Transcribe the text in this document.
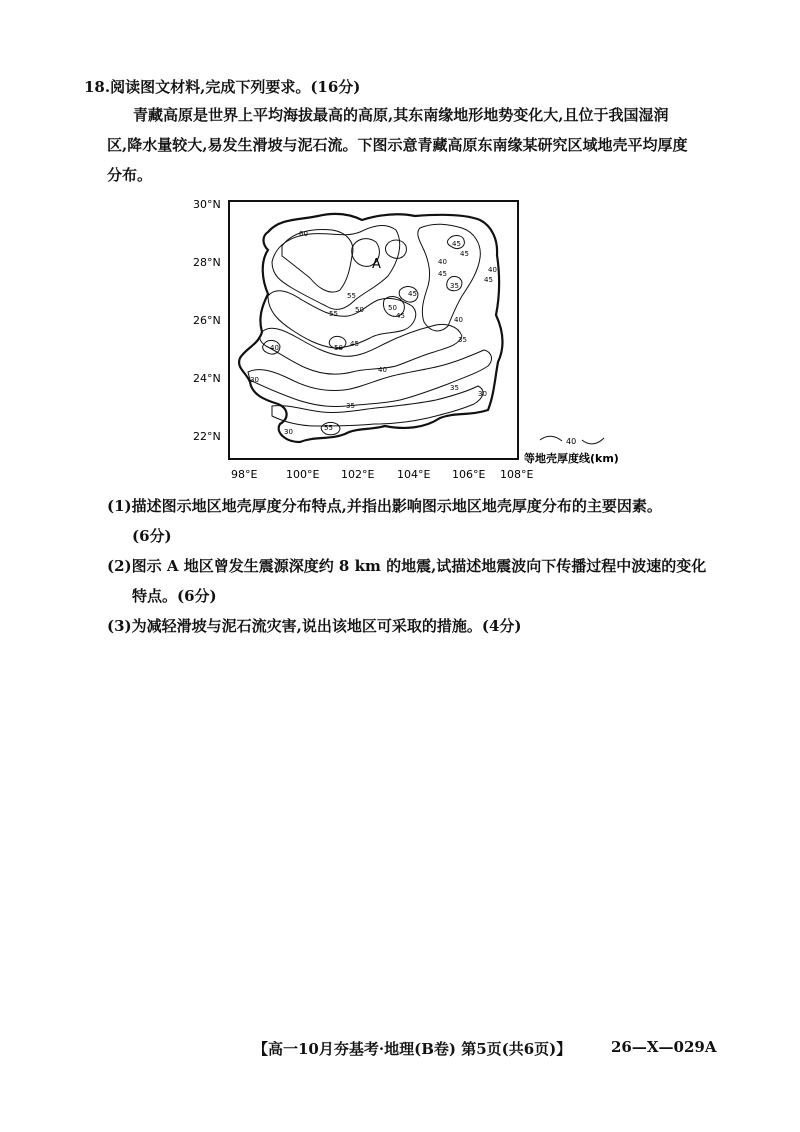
18.阅读图文材料,完成下列要求。(16分)
青藏高原是世界上平均海拔最高的高原,其东南缘地形地势变化大,且位于我国湿润
区,降水量较大,易发生滑坡与泥石流。下图示意青藏高原东南缘某研究区域地壳平均厚度
分布。
30°N
28°N
26°N
24°N
22°N
98°E	100°E 102°E 104°E 106°E 108°E
A
60
55
55 50
45
50
45
45
50
40
40
30
35
55
30
45
40
45
45
35
40
45
40
35
35
30
40
等地壳厚度线(km)
(1)描述图示地区地壳厚度分布特点,并指出影响图示地区地壳厚度分布的主要因素。
(6分)
(2)图示 A 地区曾发生震源深度约 8 km 的地震,试描述地震波向下传播过程中波速的变化
特点。(6分)
(3)为减轻滑坡与泥石流灾害,说出该地区可采取的措施。(4分)
【高一10月夯基考·地理(B卷) 第5页(共6页)】	26—X—029A
